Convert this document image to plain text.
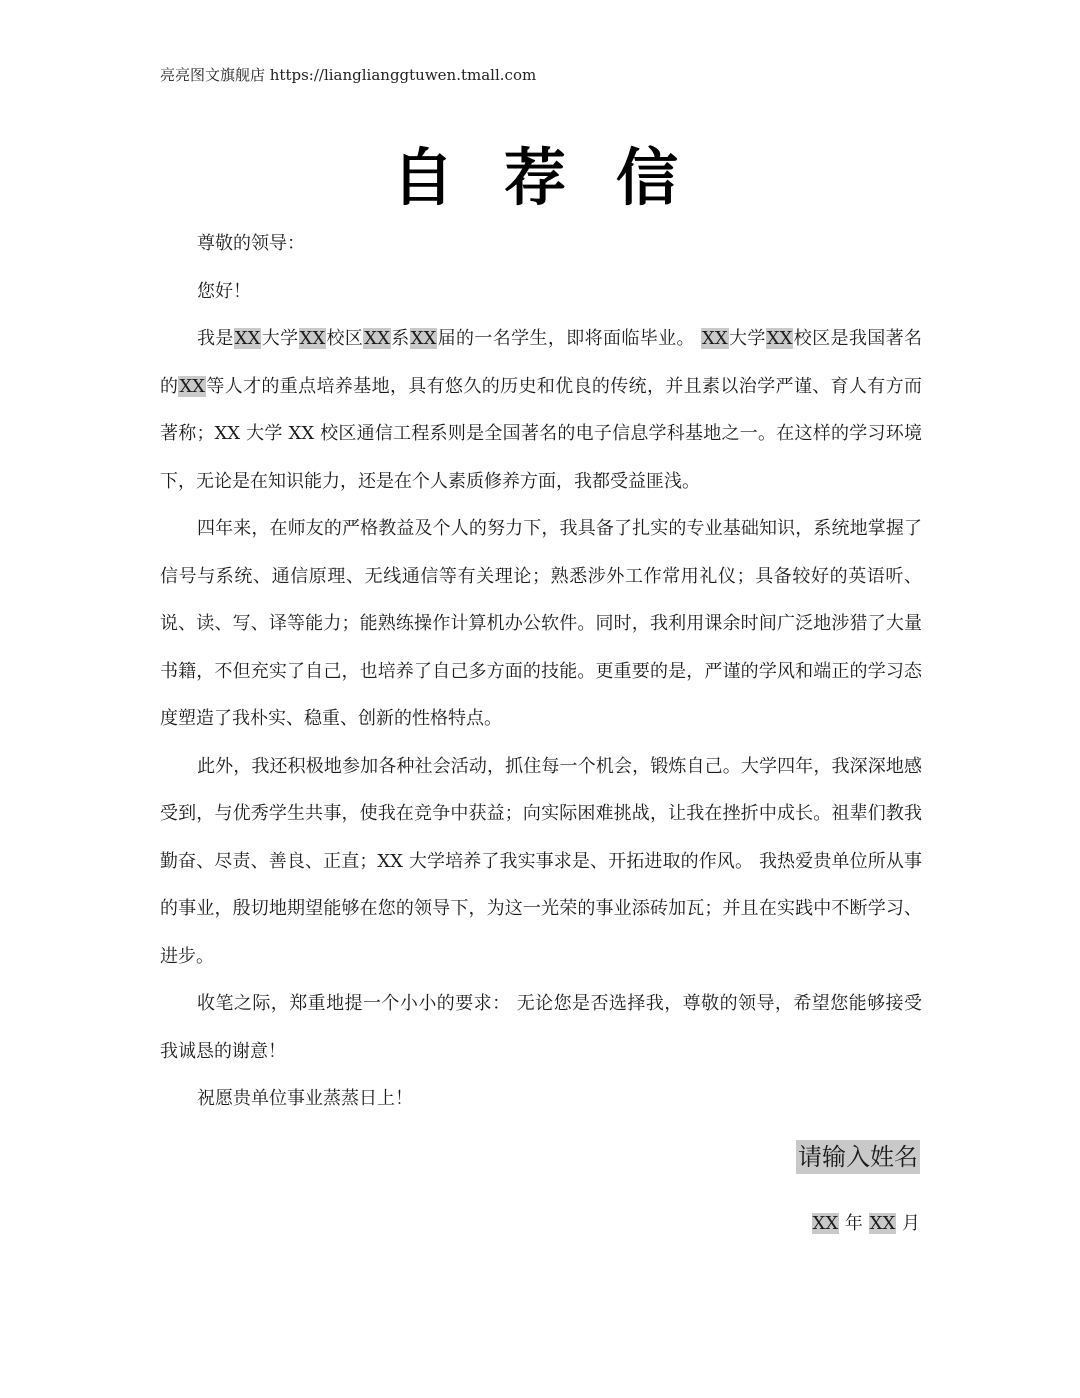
亮亮图文旗舰店 https://lianglianggtuwen.tmall.com
自荐信

尊敬的领导：

您好！

我是XX大学XX校区XX系XX届的一名学生，即将面临毕业。 XX大学XX校区是我国著名的XX等人才的重点培养基地，具有悠久的历史和优良的传统，并且素以治学严谨、育人有方而著称；XX 大学 XX 校区通信工程系则是全国著名的电子信息学科基地之一。在这样的学习环境下，无论是在知识能力，还是在个人素质修养方面，我都受益匪浅。

四年来，在师友的严格教益及个人的努力下，我具备了扎实的专业基础知识，系统地掌握了信号与系统、通信原理、无线通信等有关理论；熟悉涉外工作常用礼仪；具备较好的英语听、说、读、写、译等能力；能熟练操作计算机办公软件。同时，我利用课余时间广泛地涉猎了大量书籍，不但充实了自己，也培养了自己多方面的技能。更重要的是，严谨的学风和端正的学习态度塑造了我朴实、稳重、创新的性格特点。

此外，我还积极地参加各种社会活动，抓住每一个机会，锻炼自己。大学四年，我深深地感受到，与优秀学生共事，使我在竞争中获益；向实际困难挑战，让我在挫折中成长。祖辈们教我勤奋、尽责、善良、正直；XX 大学培养了我实事求是、开拓进取的作风。 我热爱贵单位所从事的事业，殷切地期望能够在您的领导下，为这一光荣的事业添砖加瓦；并且在实践中不断学习、进步。

收笔之际，郑重地提一个小小的要求： 无论您是否选择我，尊敬的领导，希望您能够接受我诚恳的谢意！

祝愿贵单位事业蒸蒸日上！

请输入姓名
XX 年 XX 月
